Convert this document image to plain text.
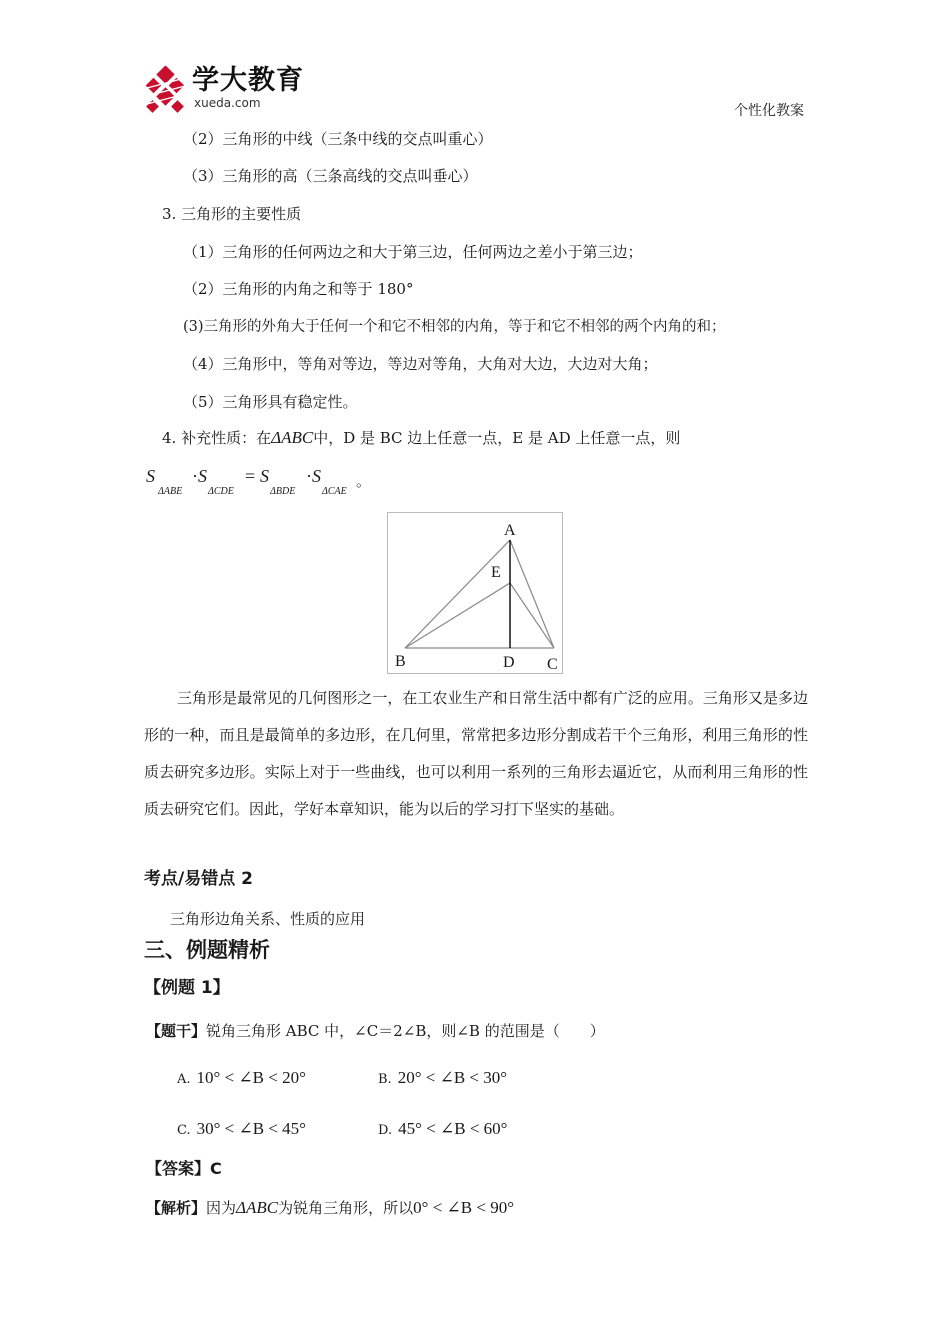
学大教育
xueda.com	个性化教案
（2）三角形的中线（三条中线的交点叫重心）
（3）三角形的高（三条高线的交点叫垂心）
3. 三角形的主要性质
（1）三角形的任何两边之和大于第三边，任何两边之差小于第三边；
（2）三角形的内角之和等于 180°
(3)三角形的外角大于任何一个和它不相邻的内角，等于和它不相邻的两个内角的和；
（4）三角形中，等角对等边，等边对等角，大角对大边，大边对大角；
（5）三角形具有稳定性。
4. 补充性质：在ΔABC中，D 是 BC 边上任意一点，E 是 AD 上任意一点，则
S
ΔABE
· S
ΔCDE
= S
ΔBDE
· S
ΔCAE
。
A
E
B	D C

三角形是最常见的几何图形之一，在工农业生产和日常生活中都有广泛的应用。三角形又是多边形的一种，而且是最简单的多边形，在几何里，常常把多边形分割成若干个三角形，利用三角形的性质去研究多边形。实际上对于一些曲线，也可以利用一系列的三角形去逼近它，从而利用三角形的性质去研究它们。因此，学好本章知识，能为以后的学习打下坚实的基础。

考点/易错点 2
三角形边角关系、性质的应用
三、例题精析
【例题 1】
【题干】锐角三角形 ABC 中，∠C＝2∠B，则∠B 的范围是（　　）
A. 10° < ∠B < 20°	B. 20° < ∠B < 30°
C. 30° < ∠B < 45°	D. 45° < ∠B < 60°
【答案】C
【解析】因为ΔABC为锐角三角形，所以0° < ∠B < 90°
